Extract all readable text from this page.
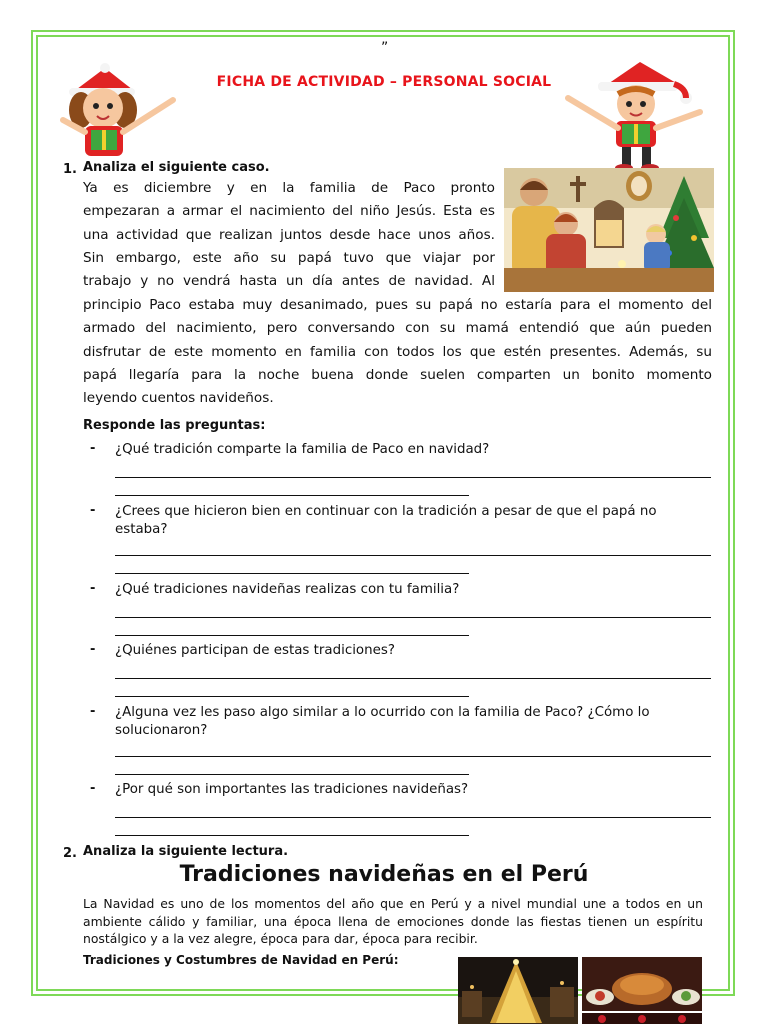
”
FICHA DE ACTIVIDAD – PERSONAL SOCIAL
1. Analiza el siguiente caso.
Ya es diciembre y en la familia de Paco pronto
empezaran a armar el nacimiento del niño Jesús. Esta es
una actividad que realizan juntos desde hace unos años.
Sin embargo, este año su papá tuvo que viajar por
trabajo y no vendrá hasta un día antes de navidad. Al
principio Paco estaba muy desanimado, pues su papá no estaría para el momento del
armado del nacimiento, pero conversando con su mamá entendió que aún pueden
disfrutar de este momento en familia con todos los que estén presentes. Además, su
papá llegaría para la noche buena donde suelen comparten un bonito momento
leyendo cuentos navideños.
Responde las preguntas:
- ¿Qué tradición comparte la familia de Paco en navidad?
- ¿Crees que hicieron bien en continuar con la tradición a pesar de que el papá no estaba?
- ¿Qué tradiciones navideñas realizas con tu familia?
- ¿Quiénes participan de estas tradiciones?
- ¿Alguna vez les paso algo similar a lo ocurrido con la familia de Paco? ¿Cómo lo solucionaron?
- ¿Por qué son importantes las tradiciones navideñas?
2. Analiza la siguiente lectura.
Tradiciones navideñas en el Perú
La Navidad es uno de los momentos del año que en Perú y a nivel mundial une a todos en un
ambiente cálido y familiar, una época llena de emociones donde las fiestas tienen un espíritu
nostálgico y a la vez alegre, época para dar, época para recibir.
Tradiciones y Costumbres de Navidad en Perú:
